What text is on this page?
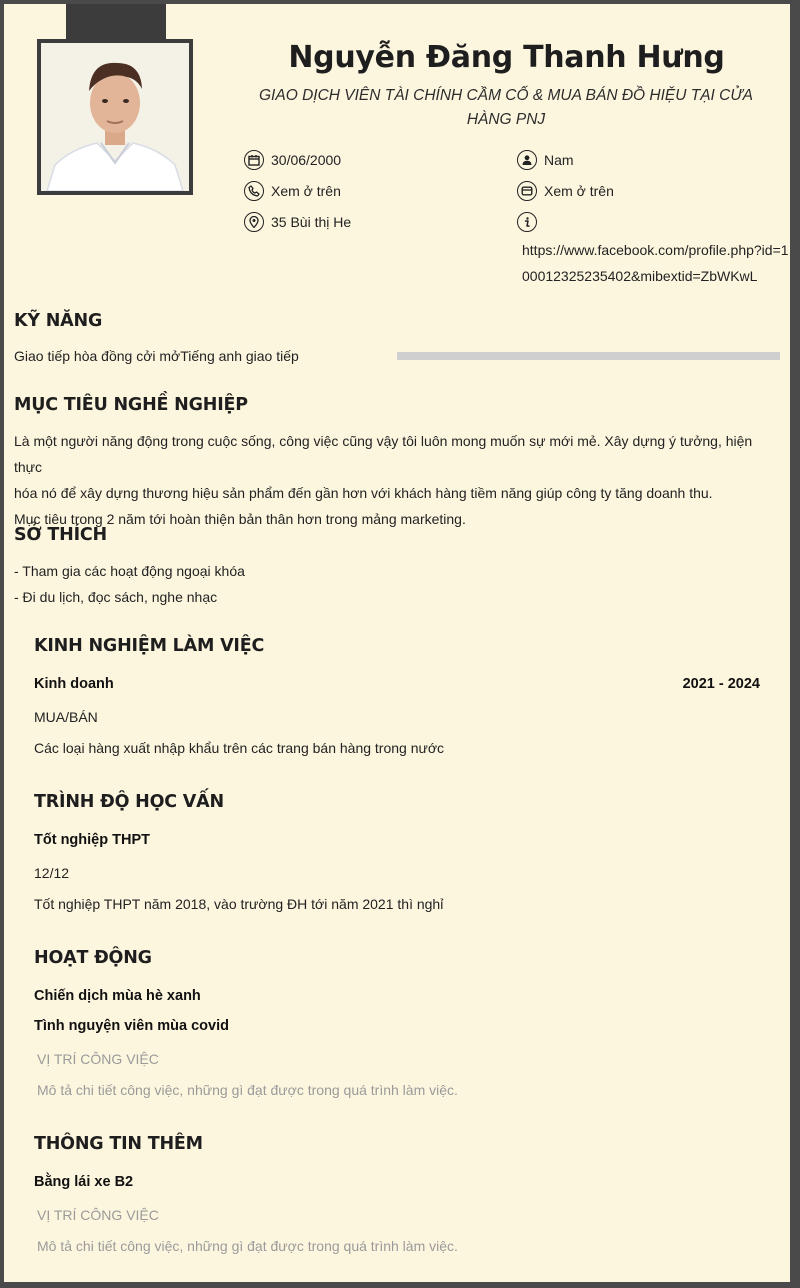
Nguyễn Đăng Thanh Hưng
GIAO DỊCH VIÊN TÀI CHÍNH CẦM CỐ & MUA BÁN ĐỒ HIỆU TẠI CỬA HÀNG PNJ
30/06/2000
Xem ở trên
35 Bùi thị He
Nam
Xem ở trên
https://www.facebook.com/profile.php?id=100012325235402&mibextid=ZbWKwL
KỸ NĂNG
Giao tiếp hòa đồng cởi mởTiếng anh giao tiếp
MỤC TIÊU NGHỀ NGHIỆP
Là một người năng động trong cuộc sống, công việc cũng vậy tôi luôn mong muốn sự mới mẻ. Xây dựng ý tưởng, hiện thực
hóa nó để xây dựng thương hiệu sản phẩm đến gần hơn với khách hàng tiềm năng giúp công ty tăng doanh thu.
Mục tiêu trong 2 năm tới hoàn thiện bản thân hơn trong mảng marketing.
SỞ THÍCH
- Tham gia các hoạt động ngoại khóa
- Đi du lịch, đọc sách, nghe nhạc
KINH NGHIỆM LÀM VIỆC
Kinh doanh	2021 - 2024
MUA/BÁN
Các loại hàng xuất nhập khẩu trên các trang bán hàng trong nước
TRÌNH ĐỘ HỌC VẤN
Tốt nghiệp THPT
12/12
Tốt nghiệp THPT năm 2018, vào trường ĐH tới năm 2021 thì nghỉ
HOẠT ĐỘNG
Chiến dịch mùa hè xanh
Tình nguyện viên mùa covid
VỊ TRÍ CÔNG VIỆC
Mô tả chi tiết công việc, những gì đạt được trong quá trình làm việc.
THÔNG TIN THÊM
Bằng lái xe B2
VỊ TRÍ CÔNG VIỆC
Mô tả chi tiết công việc, những gì đạt được trong quá trình làm việc.
